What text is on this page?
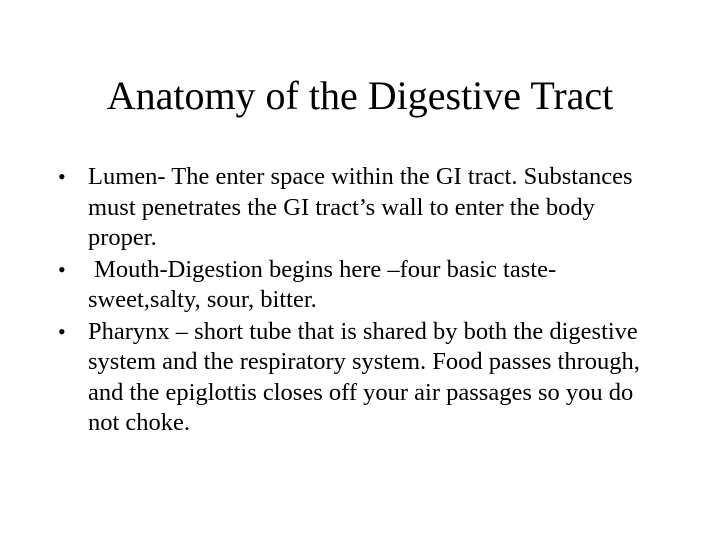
Anatomy of the Digestive Tract
• Lumen- The enter space within the GI tract. Substances must penetrates the GI tract’s wall to enter the body proper.
• Mouth-Digestion begins here –four basic taste-sweet,salty, sour, bitter.
• Pharynx – short tube that is shared by both the digestive system and the respiratory system. Food passes through, and the epiglottis closes off your air passages so you do not choke.
